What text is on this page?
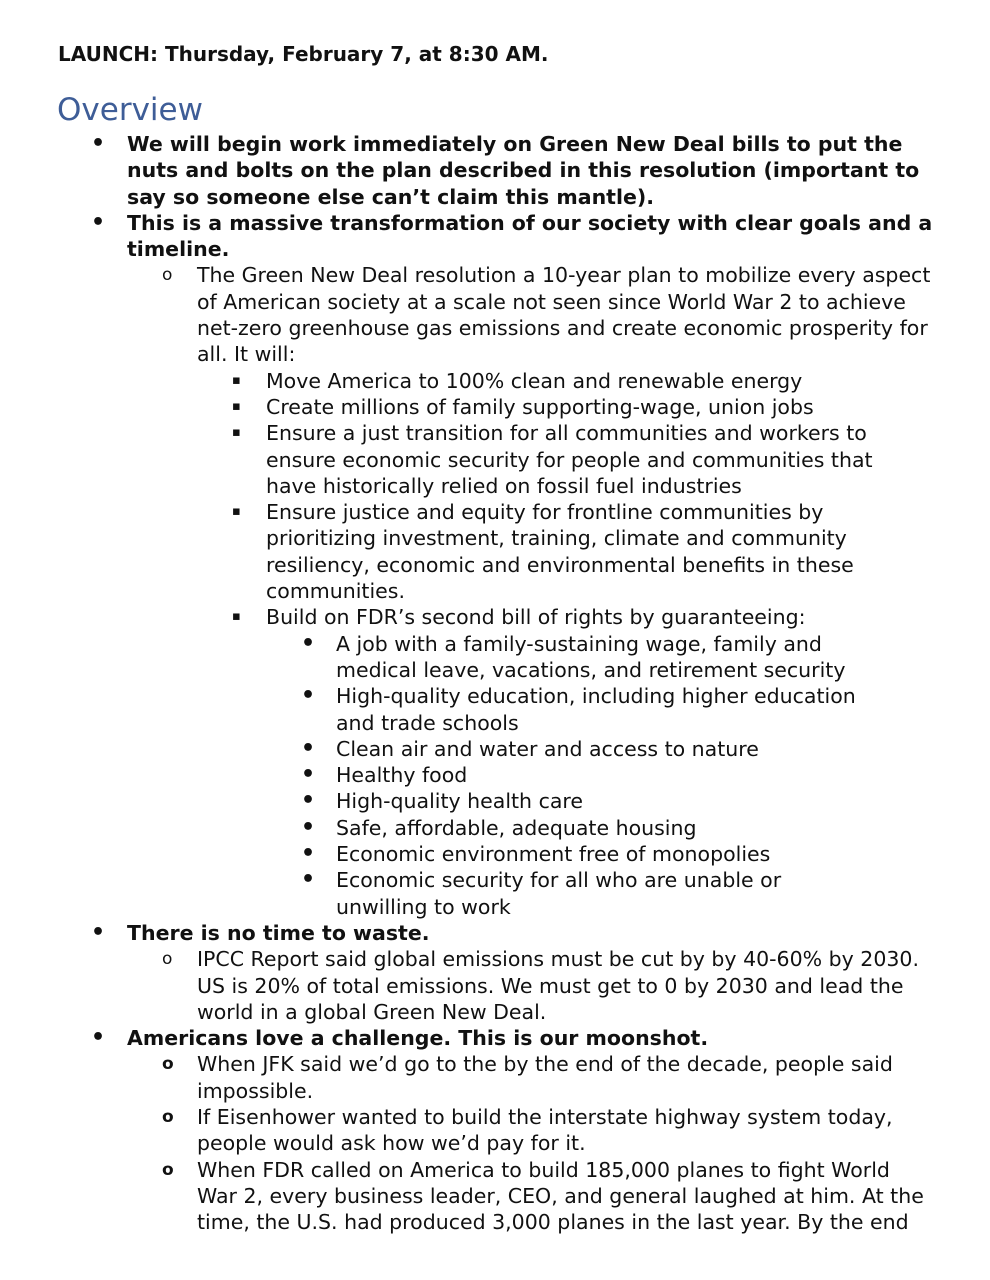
LAUNCH: Thursday, February 7, at 8:30 AM.

Overview
• We will begin work immediately on Green New Deal bills to put the nuts and bolts on the plan described in this resolution (important to say so someone else can’t claim this mantle).
• This is a massive transformation of our society with clear goals and a timeline.
o The Green New Deal resolution a 10-year plan to mobilize every aspect of American society at a scale not seen since World War 2 to achieve net-zero greenhouse gas emissions and create economic prosperity for all. It will:
▪ Move America to 100% clean and renewable energy
▪ Create millions of family supporting-wage, union jobs
▪ Ensure a just transition for all communities and workers to ensure economic security for people and communities that have historically relied on fossil fuel industries
▪ Ensure justice and equity for frontline communities by prioritizing investment, training, climate and community resiliency, economic and environmental benefits in these communities.
▪ Build on FDR’s second bill of rights by guaranteeing:
• A job with a family-sustaining wage, family and medical leave, vacations, and retirement security
• High-quality education, including higher education and trade schools
• Clean air and water and access to nature
• Healthy food
• High-quality health care
• Safe, affordable, adequate housing
• Economic environment free of monopolies
• Economic security for all who are unable or unwilling to work
• There is no time to waste.
o IPCC Report said global emissions must be cut by by 40-60% by 2030. US is 20% of total emissions. We must get to 0 by 2030 and lead the world in a global Green New Deal.
• Americans love a challenge. This is our moonshot.
o When JFK said we’d go to the by the end of the decade, people said impossible.
o If Eisenhower wanted to build the interstate highway system today, people would ask how we’d pay for it.
o When FDR called on America to build 185,000 planes to fight World War 2, every business leader, CEO, and general laughed at him. At the time, the U.S. had produced 3,000 planes in the last year. By the end
